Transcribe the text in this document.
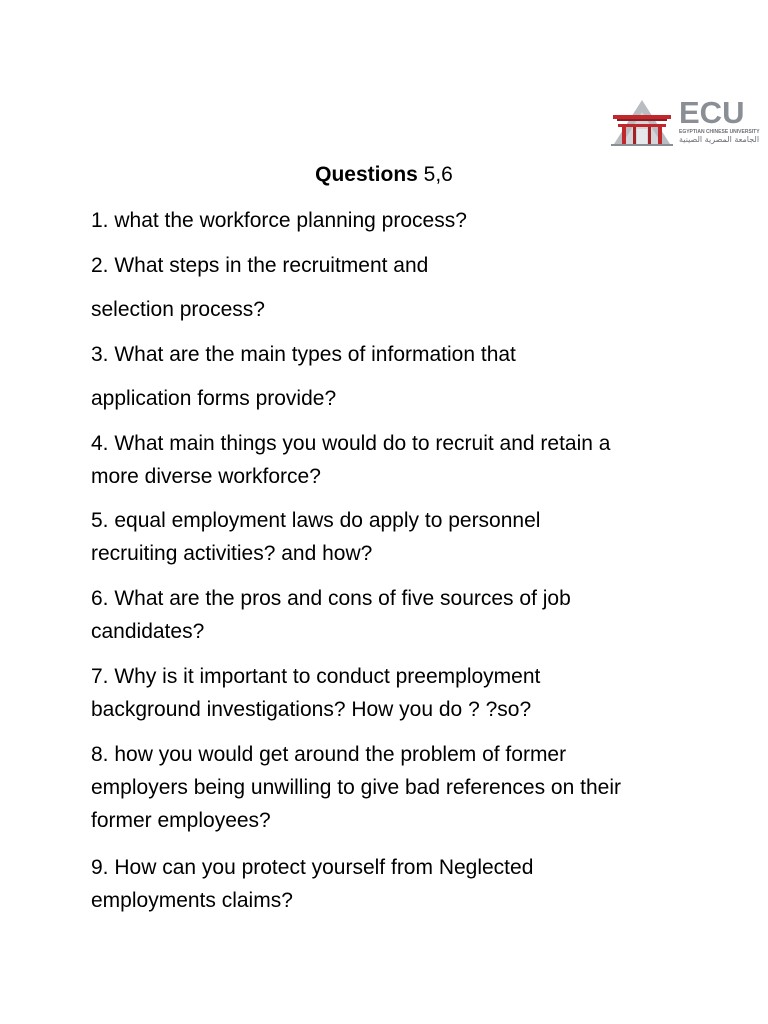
ECU
EGYPTIAN CHINESE UNIVERSITY
الجامعة المصرية الصينية
Questions 5,6
1. what the workforce planning process?
2. What steps in the recruitment and
selection process?
3. What are the main types of information that
application forms provide?
4. What main things you would do to recruit and retain a
more diverse workforce?
5. equal employment laws do apply to personnel
recruiting activities? and how?
6. What are the pros and cons of five sources of job
candidates?
7. Why is it important to conduct preemployment
background investigations? How you do ? ?so?
8. how you would get around the problem of former
employers being unwilling to give bad references on their
former employees?
9. How can you protect yourself from Neglected
employments claims?
